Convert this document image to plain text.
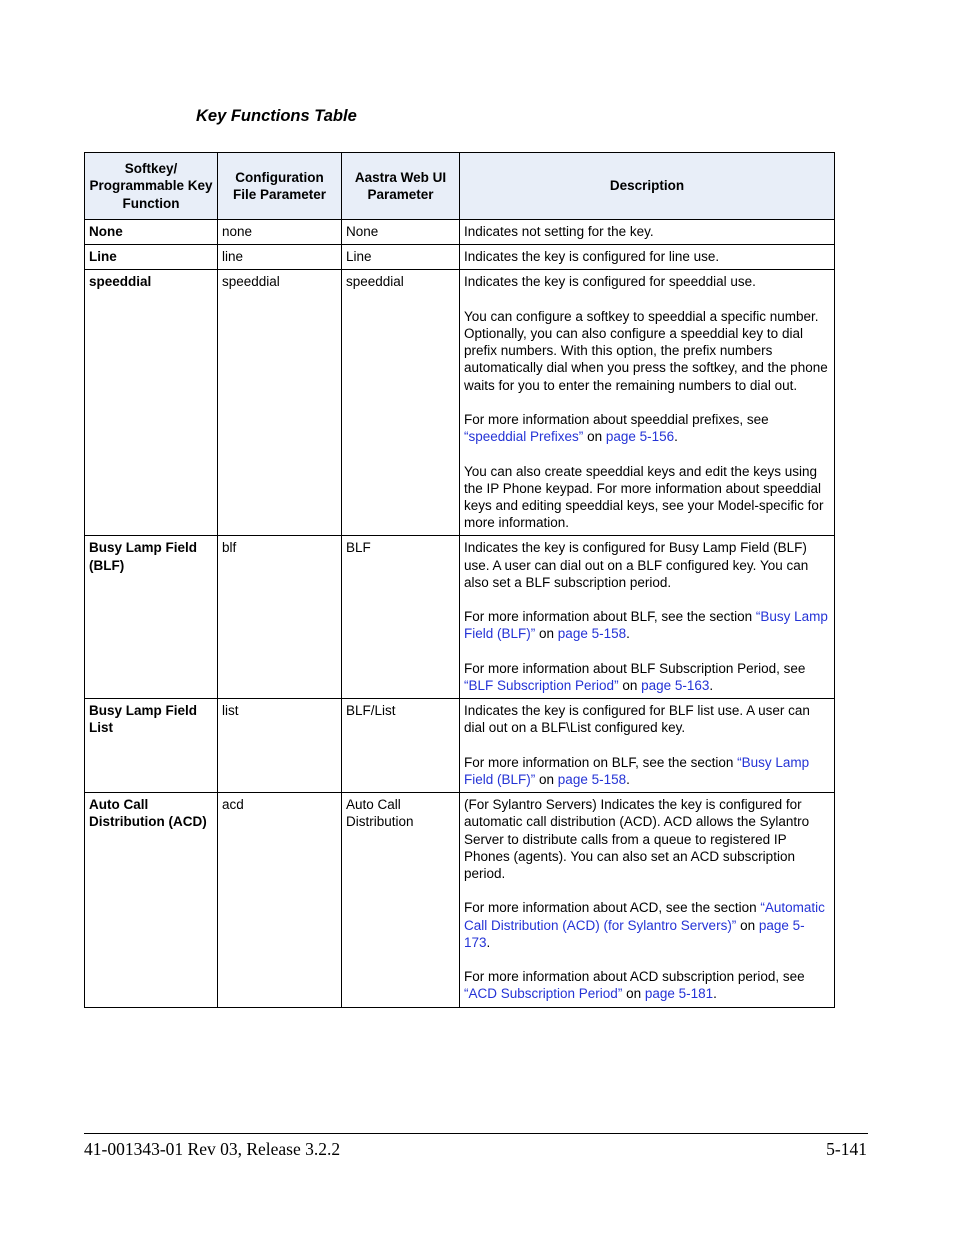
Key Functions Table
Softkey/ Programmable Key Function	Configuration File Parameter	Aastra Web UI Parameter	Description
None	none	None	Indicates not setting for the key.

Line	line	Line	Indicates the key is configured for line use.

speeddial	speeddial	speeddial	Indicates the key is configured for speeddial use.
You can configure a softkey to speeddial a specific number. Optionally, you can also configure a speeddial key to dial prefix numbers. With this option, the prefix numbers automatically dial when you press the softkey, and the phone waits for you to enter the remaining numbers to dial out.
For more information about speeddial prefixes, see “speeddial Prefixes” on page 5-156.
You can also create speeddial keys and edit the keys using the IP Phone keypad. For more information about speeddial keys and editing speeddial keys, see your Model-specific for more information.

Busy Lamp Field (BLF)	blf	BLF	Indicates the key is configured for Busy Lamp Field (BLF) use. A user can dial out on a BLF configured key. You can also set a BLF subscription period.
For more information about BLF, see the section “Busy Lamp Field (BLF)” on page 5-158.
For more information about BLF Subscription Period, see “BLF Subscription Period” on page 5-163.

Busy Lamp Field List	list	BLF/List	Indicates the key is configured for BLF list use. A user can dial out on a BLF\List configured key.
For more information on BLF, see the section “Busy Lamp Field (BLF)” on page 5-158.

Auto Call Distribution (ACD)	acd	Auto Call Distribution	(For Sylantro Servers) Indicates the key is configured for automatic call distribution (ACD). ACD allows the Sylantro Server to distribute calls from a queue to registered IP Phones (agents). You can also set an ACD subscription period.
For more information about ACD, see the section “Automatic Call Distribution (ACD) (for Sylantro Servers)” on page 5-173.
For more information about ACD subscription period, see “ACD Subscription Period” on page 5-181.
41-001343-01 Rev 03, Release 3.2.2	5-141
